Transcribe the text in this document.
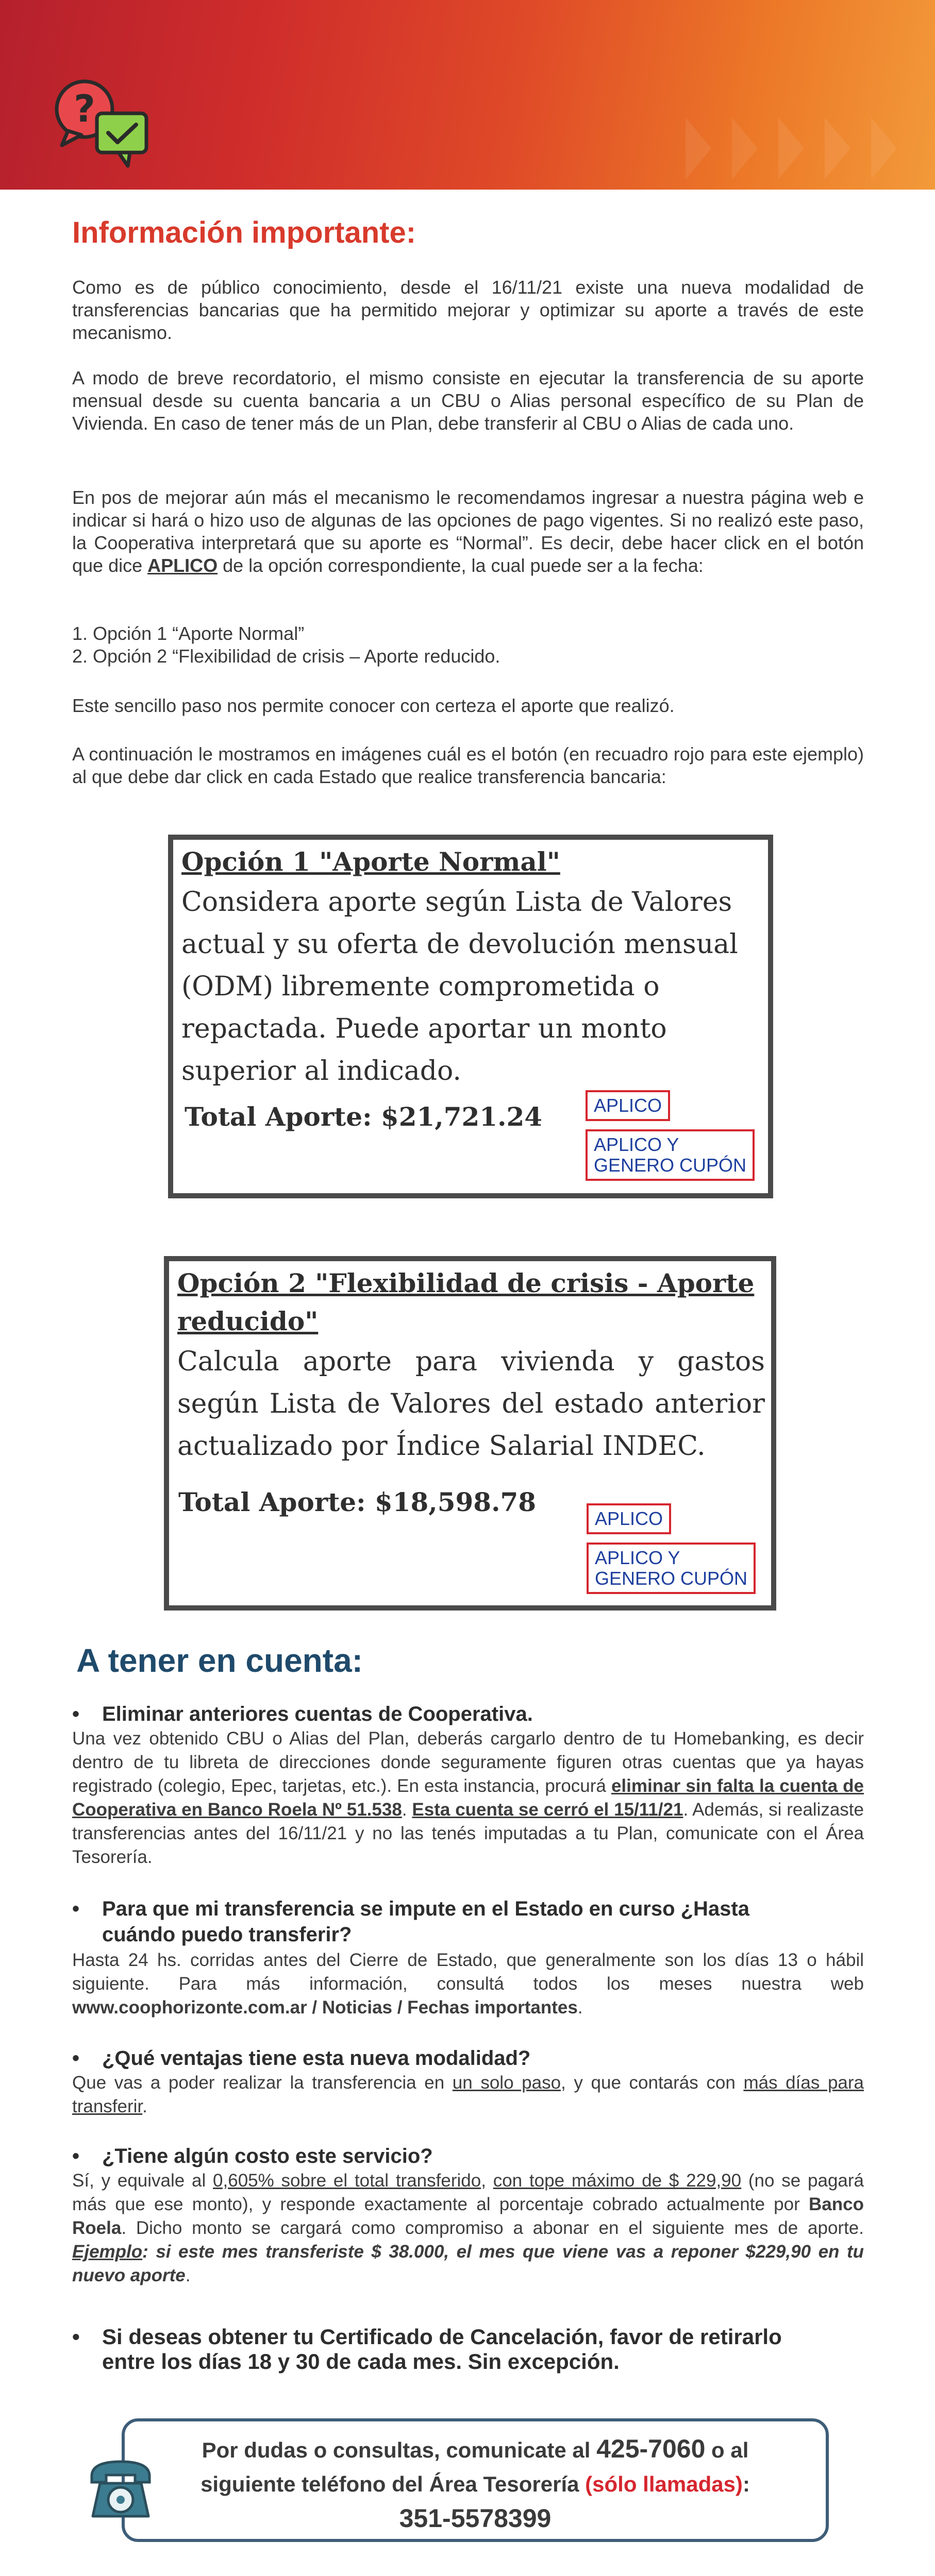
?
Información importante:

Como es de público conocimiento, desde el 16/11/21 existe una nueva modalidad de transferencias bancarias que ha permitido mejorar y optimizar su aporte a través de este mecanismo.

A modo de breve recordatorio, el mismo consiste en ejecutar la transferencia de su aporte mensual desde su cuenta bancaria a un CBU o Alias personal específico de su Plan de Vivienda. En caso de tener más de un Plan, debe transferir al CBU o Alias de cada uno.

En pos de mejorar aún más el mecanismo le recomendamos ingresar a nuestra página web e indicar si hará o hizo uso de algunas de las opciones de pago vigentes. Si no realizó este paso, la Cooperativa interpretará que su aporte es “Normal”. Es decir, debe hacer click en el botón que dice APLICO de la opción correspondiente, la cual puede ser a la fecha:

1. Opción 1 “Aporte Normal”
2. Opción 2 “Flexibilidad de crisis – Aporte reducido.

Este sencillo paso nos permite conocer con certeza el aporte que realizó.

A continuación le mostramos en imágenes cuál es el botón (en recuadro rojo para este ejemplo) al que debe dar click en cada Estado que realice transferencia bancaria:

Opción 1 "Aporte Normal"

Considera aporte según Lista de Valores actual y su oferta de devolución mensual (ODM) libremente comprometida o repactada. Puede aportar un monto superior al indicado.

Total Aporte: $21,721.24	APLICO
APLICO Y
GENERO CUPÓN

Opción 2 "Flexibilidad de crisis - Aporte
reducido"

Calcula aporte para vivienda y gastos según Lista de Valores del estado anterior actualizado por Índice Salarial INDEC.

Total Aporte: $18,598.78

APLICO
APLICO Y
GENERO CUPÓN
A tener en cuenta:

• Eliminar anteriores cuentas de Cooperativa.

Una vez obtenido CBU o Alias del Plan, deberás cargarlo dentro de tu Homebanking, es decir dentro de tu libreta de direcciones donde seguramente figuren otras cuentas que ya hayas registrado (colegio, Epec, tarjetas, etc.). En esta instancia, procurá eliminar sin falta la cuenta de Cooperativa en Banco Roela Nº 51.538. Esta cuenta se cerró el 15/11/21. Además, si realizaste transferencias antes del 16/11/21 y no las tenés imputadas a tu Plan, comunicate con el Área Tesorería.

• Para que mi transferencia se impute en el Estado en curso ¿Hasta
cuándo puedo transferir?

Hasta 24 hs. corridas antes del Cierre de Estado, que generalmente son los días 13 o hábil siguiente. Para más información, consultá todos los meses nuestra web www.coophorizonte.com.ar / Noticias / Fechas importantes.

• ¿Qué ventajas tiene esta nueva modalidad?

Que vas a poder realizar la transferencia en un solo paso, y que contarás con más días para transferir.

• ¿Tiene algún costo este servicio?

Sí, y equivale al 0,605% sobre el total transferido, con tope máximo de $ 229,90 (no se pagará más que ese monto), y responde exactamente al porcentaje cobrado actualmente por Banco Roela. Dicho monto se cargará como compromiso a abonar en el siguiente mes de aporte. Ejemplo: si este mes transferiste $ 38.000, el mes que viene vas a reponer $229,90 en tu nuevo aporte.

• Si deseas obtener tu Certificado de Cancelación, favor de retirarlo
entre los días 18 y 30 de cada mes. Sin excepción.

Por dudas o consultas, comunicate al 425-7060 o al

siguiente teléfono del Área Tesorería (sólo llamadas):

351-5578399
